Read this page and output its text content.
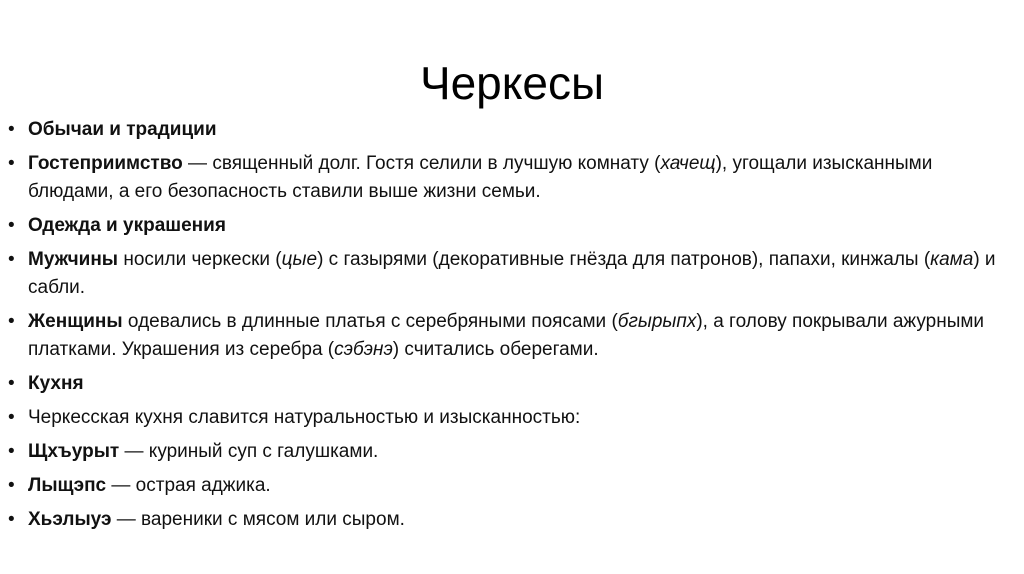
Черкесы
• Обычаи и традиции
• Гостеприимство — священный долг. Гостя селили в лучшую комнату (хачещ), угощали изысканными блюдами, а его безопасность ставили выше жизни семьи.
• Одежда и украшения
• Мужчины носили черкески (цые) с газырями (декоративные гнёзда для патронов), папахи, кинжалы (кама) и сабли.
• Женщины одевались в длинные платья с серебряными поясами (бгырыпх), а голову покрывали ажурными платками. Украшения из серебра (сэбэнэ) считались оберегами.
• Кухня
• Черкесская кухня славится натуральностью и изысканностью:
• Щхъурыт — куриный суп с галушками.
• Лыщэпс — острая аджика.
• Хьэлыуэ — вареники с мясом или сыром.
